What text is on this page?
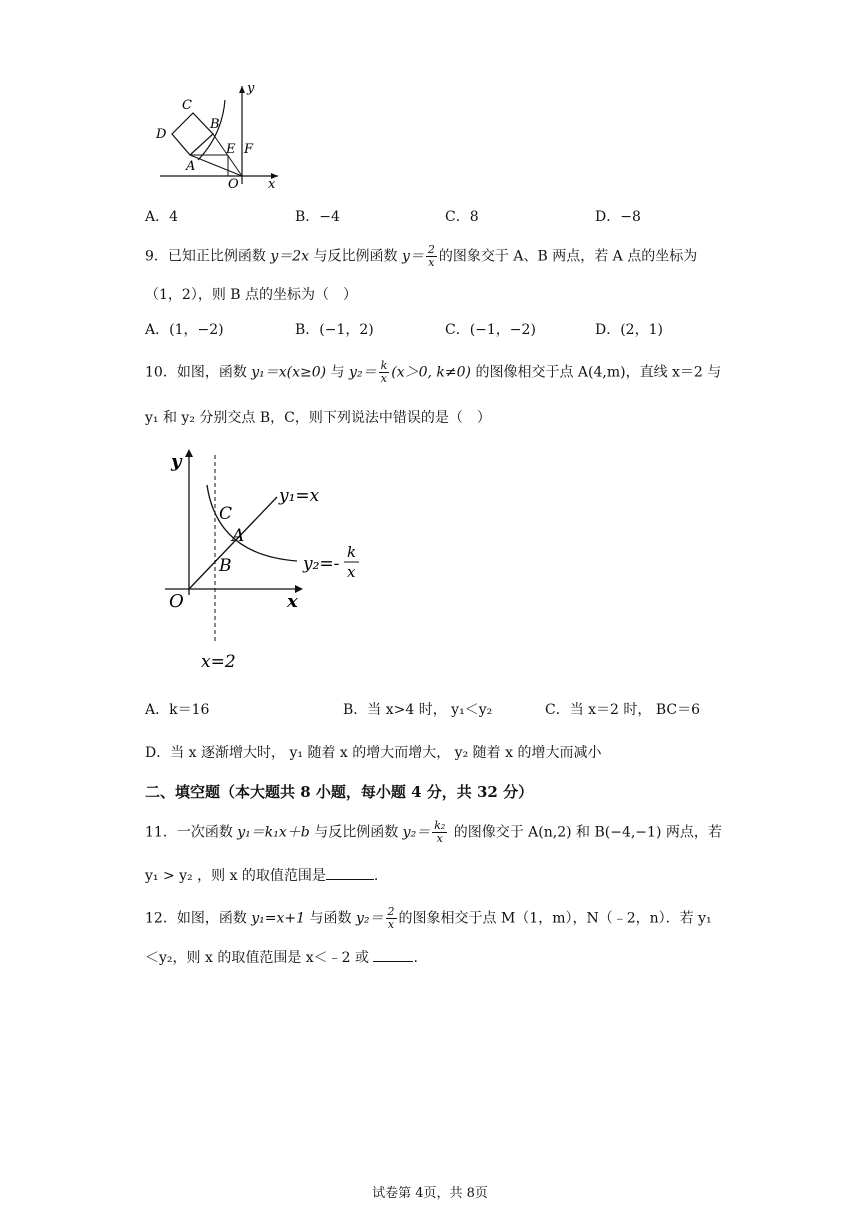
C
D
B
E F
A
O x
y
A．4	B．−4	C．8	D．−8
9．已知正比例函数 y＝2x 与反比例函数 $y= \frac{2}{x}$ 的图象交于 A、B 两点，若 A 点的坐标为
（1，2），则 B 点的坐标为（　）
A．(1，−2)	B．(−1，2)	C．(−1，−2)	D．(2，1)
10．如图，函数 y₁＝x(x≥0) 与 $y_2= \frac{k}{x} (x>0$, k≠0) 的图像相交于点 A(4,m)，直线 x＝2 与
y₁ 和 y₂ 分别交点 B，C，则下列说法中错误的是（　）
y
x
O
C
A
B
y₁=x
y₂=-
k
x
x=2
A．k＝16	B．当 x>4 时， y₁＜y₂	C．当 x＝2 时， BC＝6
D．当 x 逐渐增大时， y₁ 随着 x 的增大而增大， y₂ 随着 x 的增大而减小
二、填空题（本大题共 8 小题，每小题 4 分，共 32 分）
11．一次函数 y₁＝k₁x＋b 与反比例函数 $y_2= \frac{\text{k₂}}{x}$ 的图像交于 A(n,2) 和 B(−4,−1) 两点，若
y₁ > y₂ ，则 x 的取值范围是	.
12．如图，函数 y₁=x+1 与函数 $y_2= \frac{2}{x}$ 的图象相交于点 M（1，m），N（﹣2，n）．若 y₁
＜y₂，则 x 的取值范围是 x＜﹣2 或	.
试卷第 4页，共 8页
